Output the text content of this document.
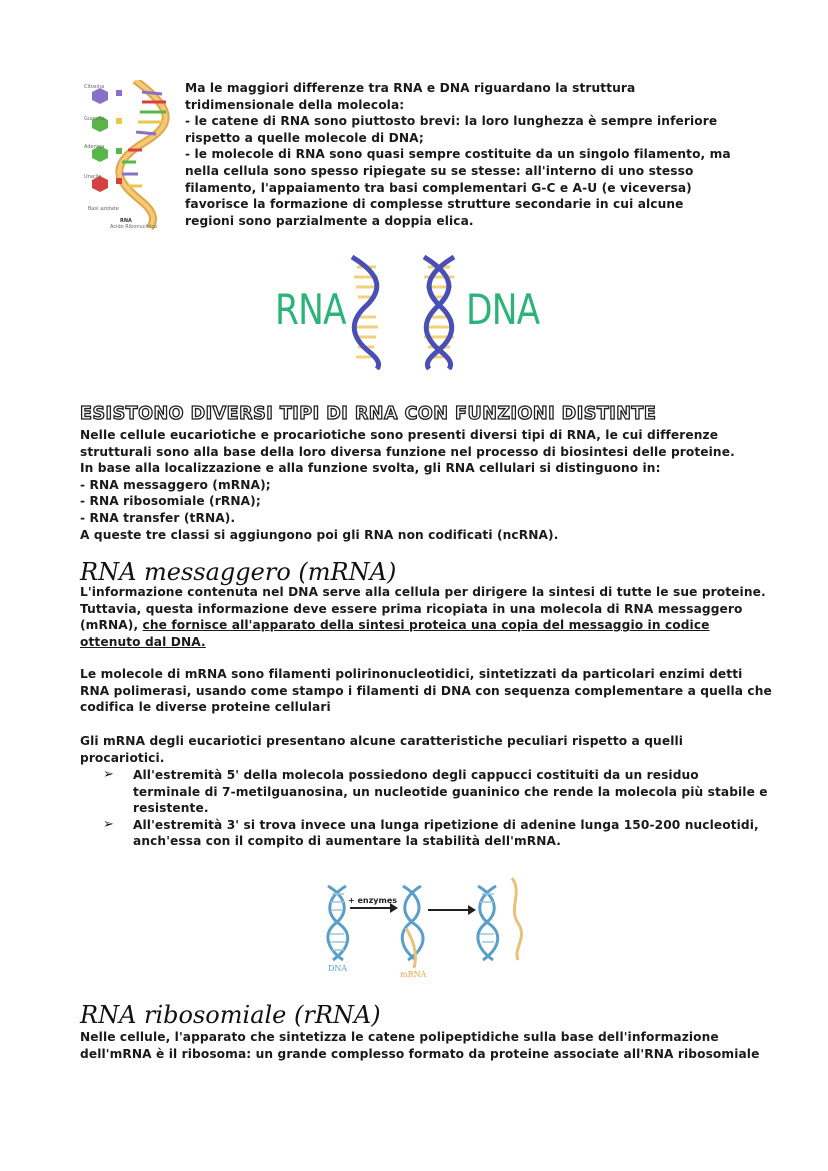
Citosina
Guanina
Adenina
Uracile
Basi azotate
RNA
Acido Ribonucleico
Ma le maggiori differenze tra RNA e DNA riguardano la struttura
tridimensionale della molecola:
- le catene di RNA sono piuttosto brevi: la loro lunghezza è sempre inferiore
rispetto a quelle molecole di DNA;
- le molecole di RNA sono quasi sempre costituite da un singolo filamento, ma
nella cellula sono spesso ripiegate su se stesse: all'interno di uno stesso
filamento, l'appaiamento tra basi complementari G-C e A-U (e viceversa)
favorisce la formazione di complesse strutture secondarie in cui alcune
regioni sono parzialmente a doppia elica.
RNA	DNA
ESISTONO DIVERSI TIPI DI RNA CON FUNZIONI DISTINTE
Nelle cellule eucariotiche e procariotiche sono presenti diversi tipi di RNA, le cui differenze
strutturali sono alla base della loro diversa funzione nel processo di biosintesi delle proteine.
In base alla localizzazione e alla funzione svolta, gli RNA cellulari si distinguono in:
- RNA messaggero (mRNA);
- RNA ribosomiale (rRNA);
- RNA transfer (tRNA).
A queste tre classi si aggiungono poi gli RNA non codificati (ncRNA).
RNA messaggero (mRNA)
L'informazione contenuta nel DNA serve alla cellula per dirigere la sintesi di tutte le sue proteine.
Tuttavia, questa informazione deve essere prima ricopiata in una molecola di RNA messaggero
(mRNA), che fornisce all'apparato della sintesi proteica una copia del messaggio in codice
ottenuto dal DNA.
Le molecole di mRNA sono filamenti polirinonucleotidici, sintetizzati da particolari enzimi detti
RNA polimerasi, usando come stampo i filamenti di DNA con sequenza complementare a quella che
codifica le diverse proteine cellulari
Gli mRNA degli eucariotici presentano alcune caratteristiche peculiari rispetto a quelli
procariotici.
➢ All'estremità 5' della molecola possiedono degli cappucci costituiti da un residuo
terminale di 7-metilguanosina, un nucleotide guaninico che rende la molecola più stabile e
resistente.
➢ All'estremità 3' si trova invece una lunga ripetizione di adenine lunga 150-200 nucleotidi,
anch'essa con il compito di aumentare la stabilità dell'mRNA.
+ enzymes
DNA
mRNA
RNA ribosomiale (rRNA)
Nelle cellule, l'apparato che sintetizza le catene polipeptidiche sulla base dell'informazione
dell'mRNA è il ribosoma: un grande complesso formato da proteine associate all'RNA ribosomiale
